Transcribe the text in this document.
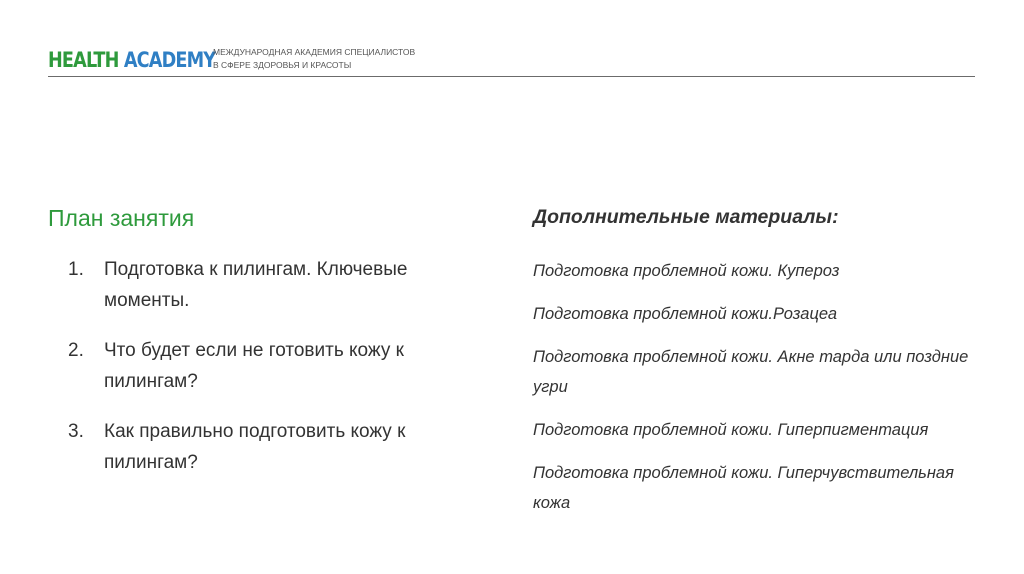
HEALTH ACADEMY
МЕЖДУНАРОДНАЯ АКАДЕМИЯ СПЕЦИАЛИСТОВ
В СФЕРЕ ЗДОРОВЬЯ И КРАСОТЫ
План занятия
1. Подготовка к пилингам. Ключевые моменты.
2. Что будет если не готовить кожу к пилингам?
3. Как правильно подготовить кожу к пилингам?
Дополнительные материалы:
Подготовка проблемной кожи. Купероз
Подготовка проблемной кожи.Розацеа
Подготовка проблемной кожи. Акне тарда или поздние угри
Подготовка проблемной кожи. Гиперпигментация
Подготовка проблемной кожи. Гиперчувствительная кожа
